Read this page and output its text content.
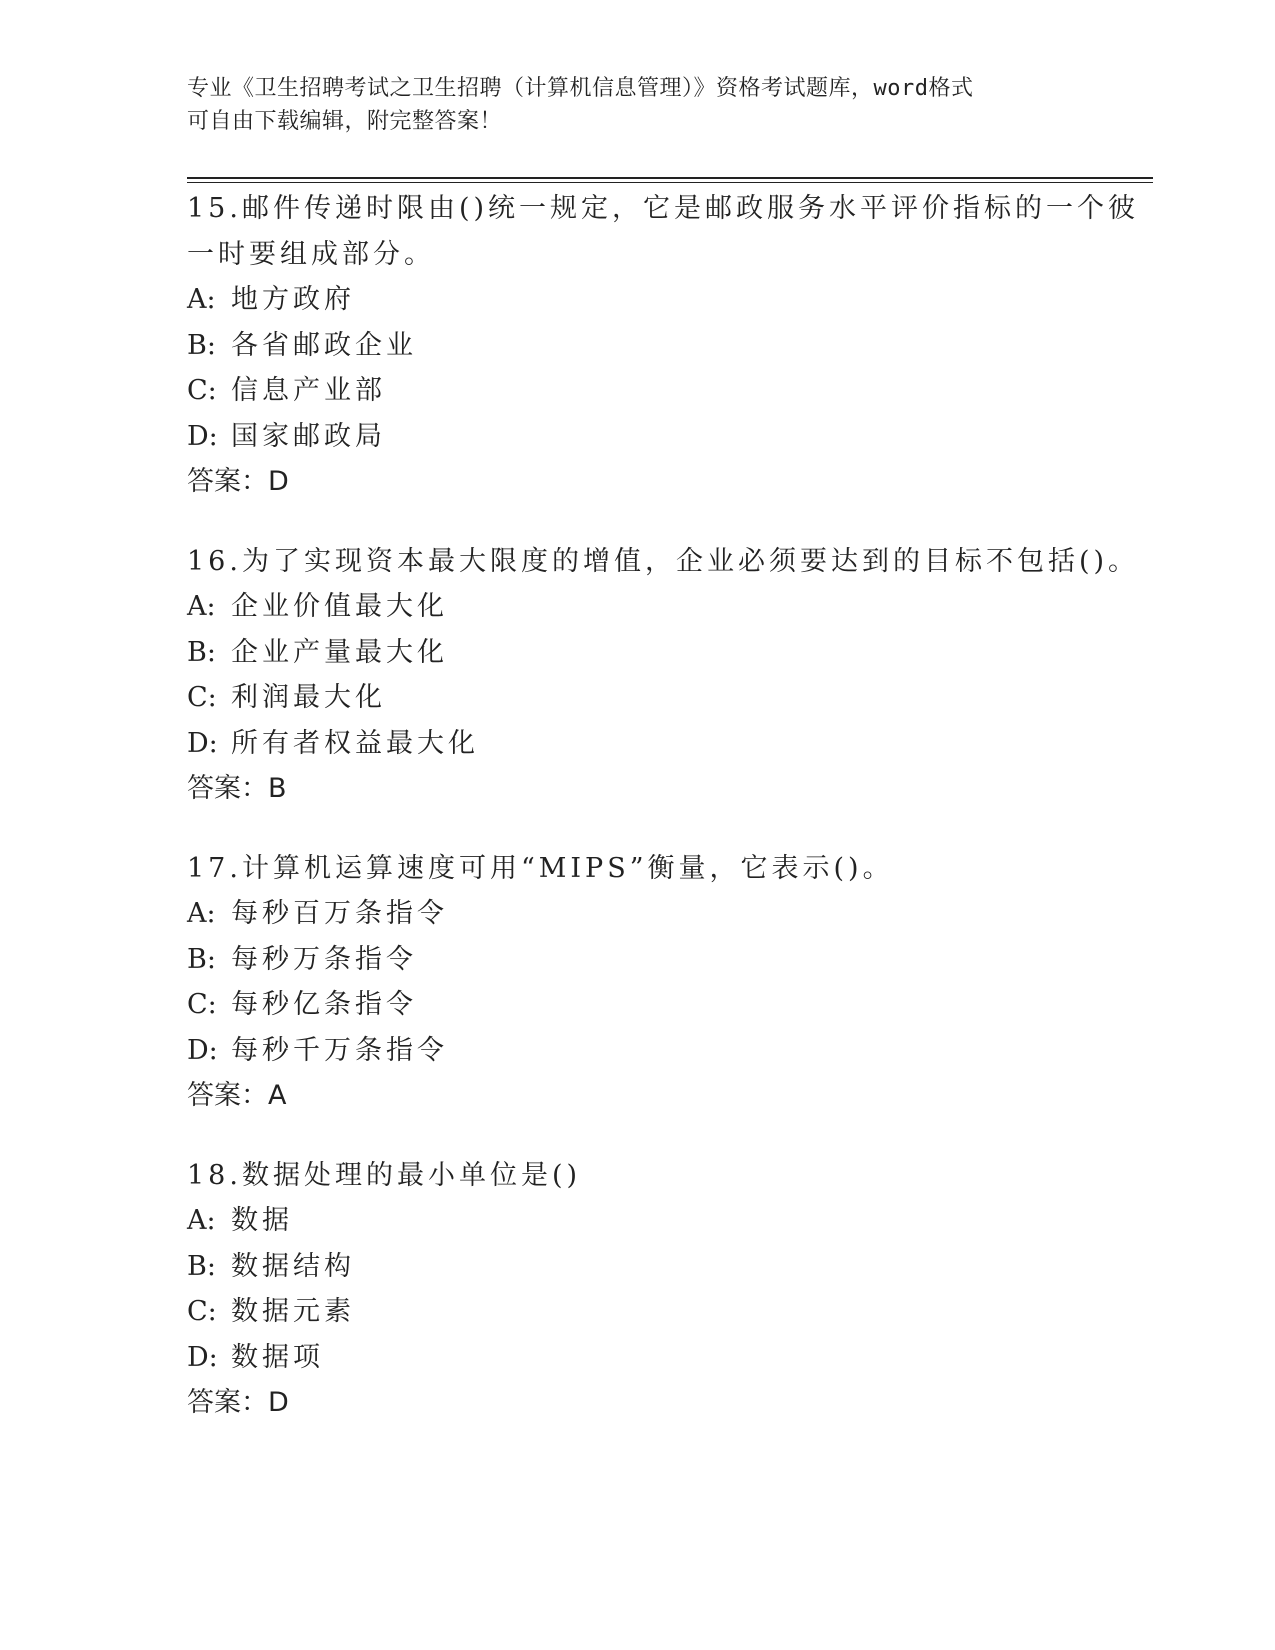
专业《卫生招聘考试之卫生招聘（计算机信息管理）》资格考试题库，word格式
可自由下载编辑，附完整答案！
15.邮件传递时限由()统一规定，它是邮政服务水平评价指标的一个彼
一时要组成部分。
A: 地方政府
B: 各省邮政企业
C: 信息产业部
D: 国家邮政局
答案：D
16.为了实现资本最大限度的增值，企业必须要达到的目标不包括()。
A: 企业价值最大化
B: 企业产量最大化
C: 利润最大化
D: 所有者权益最大化
答案：B
17.计算机运算速度可用“MIPS”衡量，它表示()。
A: 每秒百万条指令
B: 每秒万条指令
C: 每秒亿条指令
D: 每秒千万条指令
答案：A
18.数据处理的最小单位是()
A: 数据
B: 数据结构
C: 数据元素
D: 数据项
答案：D
